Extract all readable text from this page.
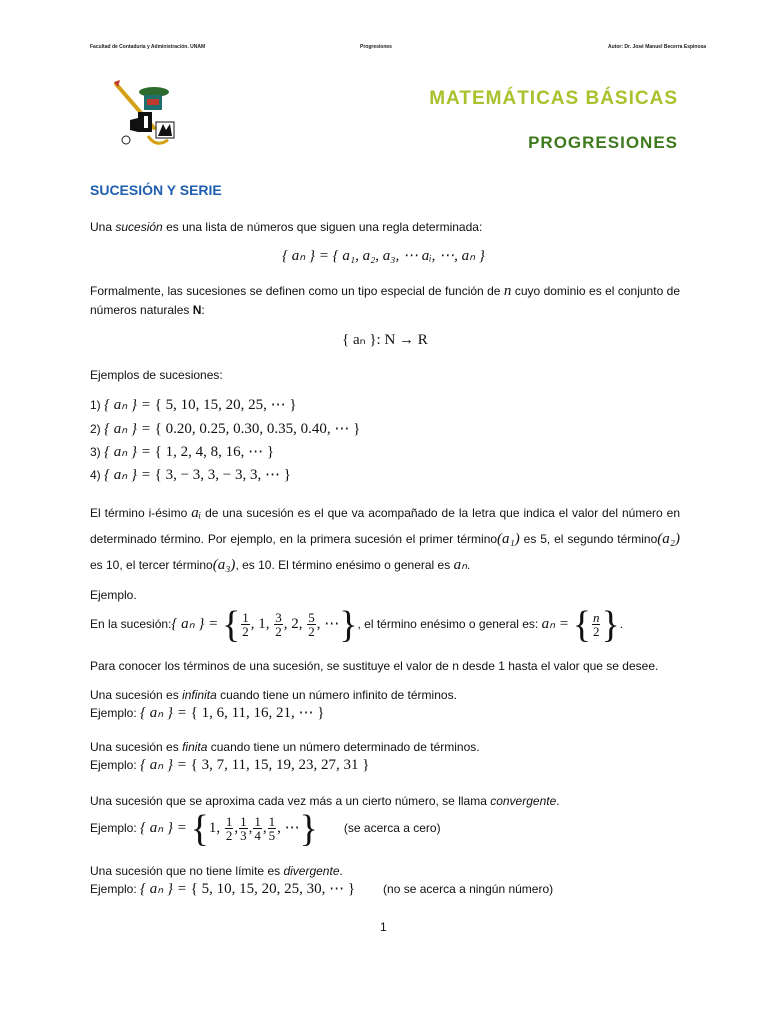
Facultad de Contaduría y Administración. UNAM	Progresiones	Autor: Dr. José Manuel Becerra Espinosa
MATEMÁTICAS BÁSICAS
PROGRESIONES
SUCESIÓN Y SERIE
Una sucesión es una lista de números que siguen una regla determinada:
{ aₙ } = { a₁, a₂, a₃, ⋯ aᵢ, ⋯, aₙ }
Formalmente, las sucesiones se definen como un tipo especial de función de n cuyo dominio es el conjunto de números naturales N:
{ aₙ }: N → R
Ejemplos de sucesiones:
1) { aₙ } = { 5, 10, 15, 20, 25, ⋯ }
2) { aₙ } = { 0.20, 0.25, 0.30, 0.35, 0.40, ⋯ }
3) { aₙ } = { 1, 2, 4, 8, 16, ⋯ }
4) { aₙ } = { 3, − 3, 3, − 3, 3, ⋯ }
El término i-ésimo aᵢ de una sucesión es el que va acompañado de la letra que indica el valor del número en determinado término. Por ejemplo, en la primera sucesión el primer término(a₁) es 5, el segundo término(a₂) es 10, el tercer término(a₃), es 10. El término enésimo o general es aₙ.
Ejemplo.
En la sucesión:{ aₙ } = { $\frac{1}{2}$ , 1, $\frac{3}{2}$ , 2, $\frac{5}{2}$ , ⋯}, el término enésimo o general es: aₙ = { $\frac{n}{2}$ }.
Para conocer los términos de una sucesión, se sustituye el valor de n desde 1 hasta el valor que se desee.
Una sucesión es infinita cuando tiene un número infinito de términos.
Ejemplo: { aₙ } = { 1, 6, 11, 16, 21, ⋯ }
Una sucesión es finita cuando tiene un número determinado de términos.
Ejemplo: { aₙ } = { 3, 7, 11, 15, 19, 23, 27, 31 }
Una sucesión que se aproxima cada vez más a un cierto número, se llama convergente.
Ejemplo: { aₙ } = {1, $\frac{1}{2}$ , $\frac{1}{3}$ , $\frac{1}{4}$ , $\frac{1}{5}$ , ⋯} (se acerca a cero)
Una sucesión que no tiene límite es divergente.
Ejemplo: { aₙ } = { 5, 10, 15, 20, 25, 30, ⋯ } (no se acerca a ningún número)
1
